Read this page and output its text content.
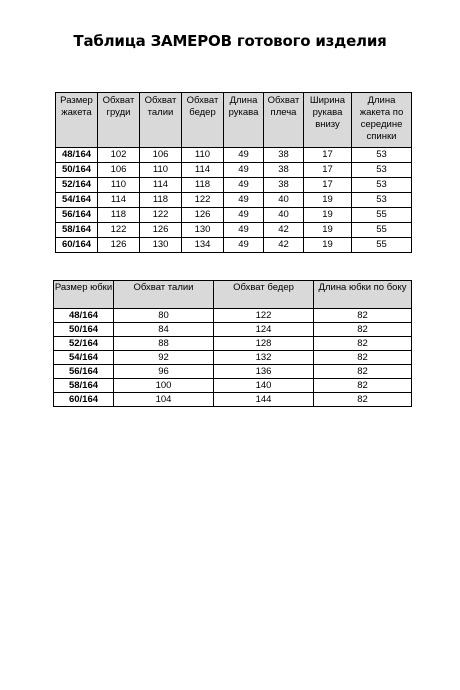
Таблица ЗАМЕРОВ готового изделия
Размер жакета	Обхват груди	Обхват талии	Обхват бедер	Длина рукава	Обхват плеча	Ширина рукава внизу	Длина жакета по середине спинки
48/164	102	106	110	49	38	17	53
50/164	106	110	114	49	38	17	53
52/164	110	114	118	49	38	17	53
54/164	114	118	122	49	40	19	53
56/164	118	122	126	49	40	19	55
58/164	122	126	130	49	42	19	55
60/164	126	130	134	49	42	19	55
Размер юбки	Обхват талии	Обхват бедер	Длина юбки по боку
48/164	80	122	82
50/164	84	124	82
52/164	88	128	82
54/164	92	132	82
56/164	96	136	82
58/164	100	140	82
60/164	104	144	82
